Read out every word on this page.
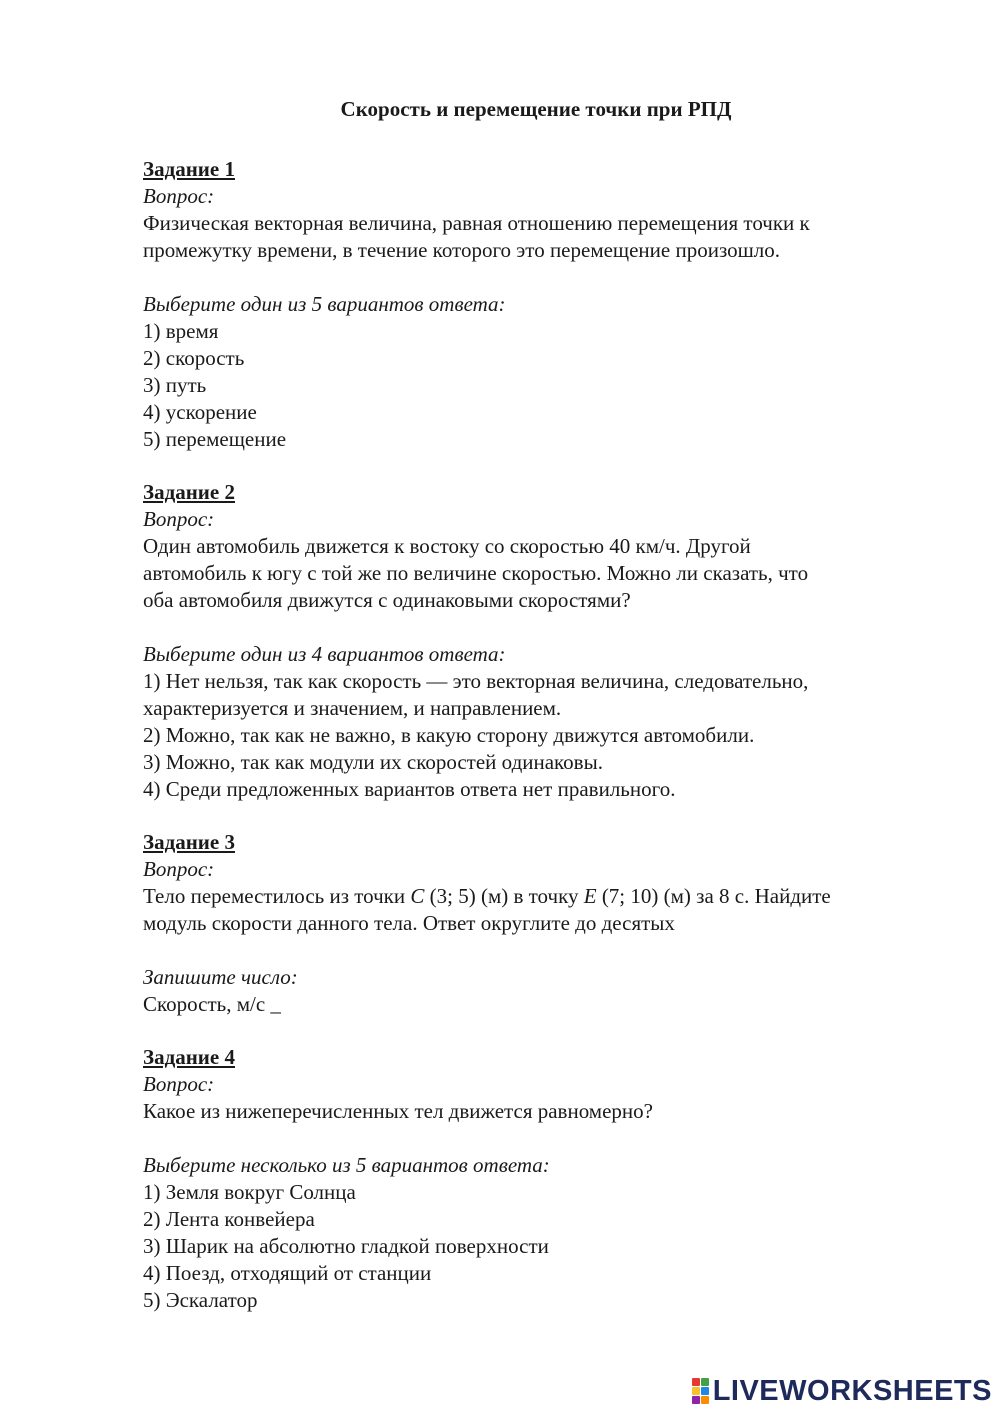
Скорость и перемещение точки при РПД

Задание 1

Вопрос:

Физическая векторная величина, равная отношению перемещения точки к

промежутку времени, в течение которого это перемещение произошло.

Выберите один из 5 вариантов ответа:

1) время
2) скорость
3) путь
4) ускорение
5) перемещение

Задание 2

Вопрос:

Один автомобиль движется к востоку со скоростью 40 км/ч. Другой

автомобиль к югу с той же по величине скоростью. Можно ли сказать, что

оба автомобиля движутся с одинаковыми скоростями?

Выберите один из 4 вариантов ответа:

1) Нет нельзя, так как скорость — это векторная величина, следовательно,
характеризуется и значением, и направлением.
2) Можно, так как не важно, в какую сторону движутся автомобили.
3) Можно, так как модули их скоростей одинаковы.
4) Среди предложенных вариантов ответа нет правильного.

Задание 3

Вопрос:

Тело переместилось из точки C (3; 5) (м) в точку E (7; 10) (м) за 8 с. Найдите

модуль скорости данного тела. Ответ округлите до десятых

Запишите число:

Скорость, м/с _

Задание 4

Вопрос:

Какое из нижеперечисленных тел движется равномерно?

Выберите несколько из 5 вариантов ответа:

1) Земля вокруг Солнца
2) Лента конвейера
3) Шарик на абсолютно гладкой поверхности
4) Поезд, отходящий от станции
5) Эскалатор
LIVEWORKSHEETS
